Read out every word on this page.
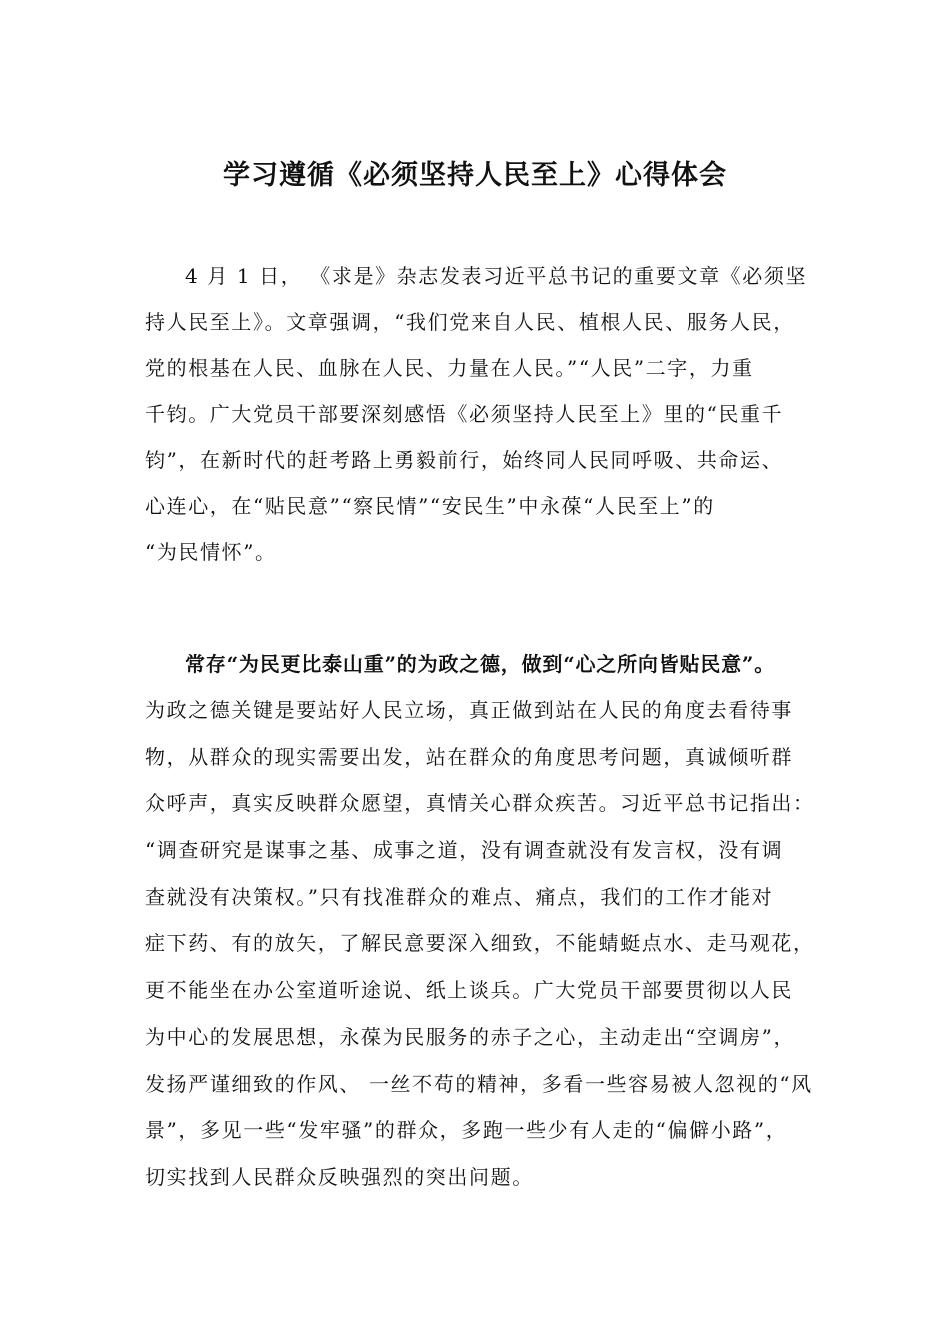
学习遵循《必须坚持人民至上》心得体会
4 月 1 日， 《求是》杂志发表习近平总书记的重要文章《必须坚
持人民至上》。文章强调，“我们党来自人民、植根人民、服务人民，
党的根基在人民、血脉在人民、力量在人民。”“人民”二字，力重
千钧。广大党员干部要深刻感悟《必须坚持人民至上》里的“民重千
钧”，在新时代的赶考路上勇毅前行，始终同人民同呼吸、共命运、
心连心，在“贴民意”“察民情”“安民生”中永葆“人民至上”的
“为民情怀”。
常存“为民更比泰山重”的为政之德，做到“心之所向皆贴民意”。
为政之德关键是要站好人民立场，真正做到站在人民的角度去看待事
物，从群众的现实需要出发，站在群众的角度思考问题，真诚倾听群
众呼声，真实反映群众愿望，真情关心群众疾苦。习近平总书记指出：
“调查研究是谋事之基、成事之道，没有调查就没有发言权，没有调
查就没有决策权。”只有找准群众的难点、痛点，我们的工作才能对
症下药、有的放矢，了解民意要深入细致，不能蜻蜓点水、走马观花，
更不能坐在办公室道听途说、纸上谈兵。广大党员干部要贯彻以人民
为中心的发展思想，永葆为民服务的赤子之心，主动走出“空调房”，
发扬严谨细致的作风、 一丝不苟的精神，多看一些容易被人忽视的“风
景”，多见一些“发牢骚”的群众，多跑一些少有人走的“偏僻小路”，
切实找到人民群众反映强烈的突出问题。
